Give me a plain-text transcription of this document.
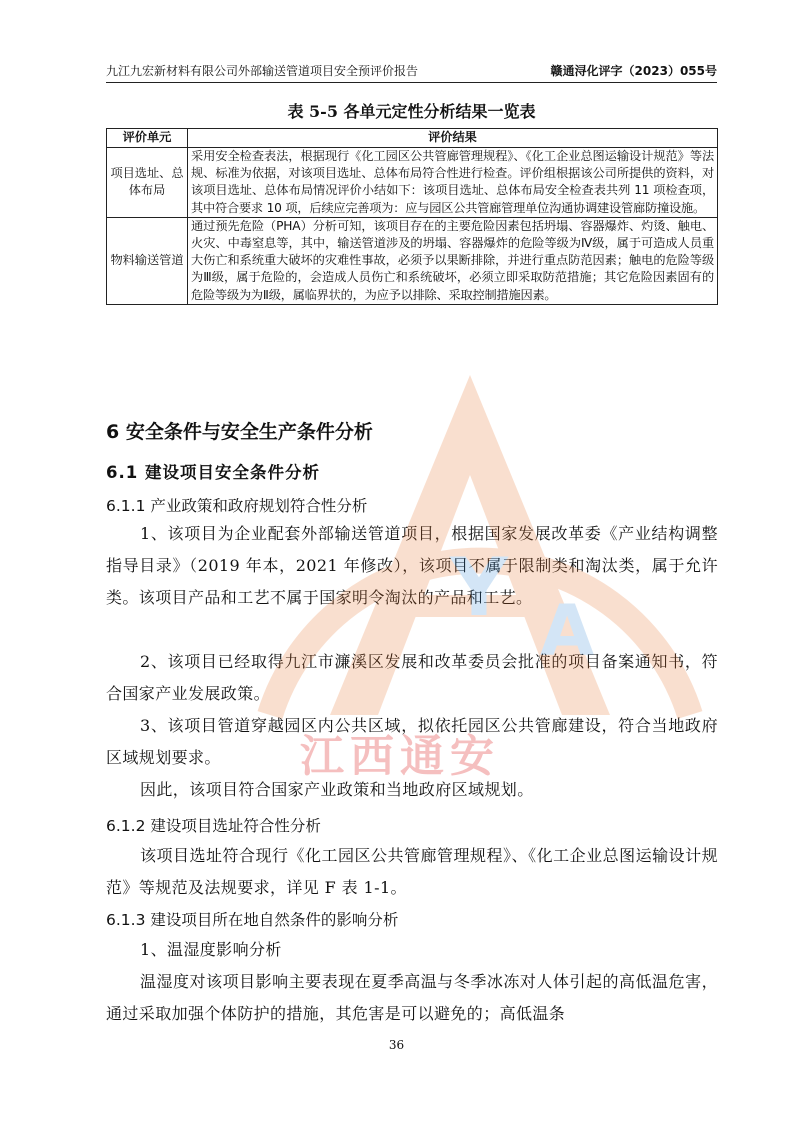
九江九宏新材料有限公司外部输送管道项目安全预评价报告	赣通浔化评字（2023）055号
表 5-5 各单元定性分析结果一览表
评价单元	评价结果
项目选址、总体布局	采用安全检查表法，根据现行《化工园区公共管廊管理规程》、《化工企业总图运输设计规范》等法规、标准为依据，对该项目选址、总体布局符合性进行检查。评价组根据该公司所提供的资料，对该项目选址、总体布局情况评价小结如下：该项目选址、总体布局安全检查表共列 11 项检查项，其中符合要求 10 项，后续应完善项为：应与园区公共管廊管理单位沟通协调建设管廊防撞设施。
物料输送管道	通过预先危险（PHA）分析可知，该项目存在的主要危险因素包括坍塌、容器爆炸、灼烫、触电、火灾、中毒窒息等，其中，输送管道涉及的坍塌、容器爆炸的危险等级为Ⅳ级，属于可造成人员重大伤亡和系统重大破坏的灾难性事故，必须予以果断排除，并进行重点防范因素；触电的危险等级为Ⅲ级，属于危险的，会造成人员伤亡和系统破坏，必须立即采取防范措施；其它危险因素固有的危险等级为为Ⅱ级，属临界状的，为应予以排除、采取控制措施因素。
6 安全条件与安全生产条件分析
6.1 建设项目安全条件分析
6.1.1 产业政策和政府规划符合性分析
1、该项目为企业配套外部输送管道项目，根据国家发展改革委《产业结构调整指导目录》（2019 年本，2021 年修改），该项目不属于限制类和淘汰类，属于允许类。该项目产品和工艺不属于国家明令淘汰的产品和工艺。
2、该项目已经取得九江市濂溪区发展和改革委员会批准的项目备案通知书，符合国家产业发展政策。
3、该项目管道穿越园区内公共区域，拟依托园区公共管廊建设，符合当地政府区域规划要求。
因此，该项目符合国家产业政策和当地政府区域规划。
6.1.2 建设项目选址符合性分析
该项目选址符合现行《化工园区公共管廊管理规程》、《化工企业总图运输设计规范》等规范及法规要求，详见 F 表 1-1。
6.1.3 建设项目所在地自然条件的影响分析
1、温湿度影响分析
温湿度对该项目影响主要表现在夏季高温与冬季冰冻对人体引起的高低温危害，通过采取加强个体防护的措施，其危害是可以避免的；高低温条
36
Y A
江西通安
